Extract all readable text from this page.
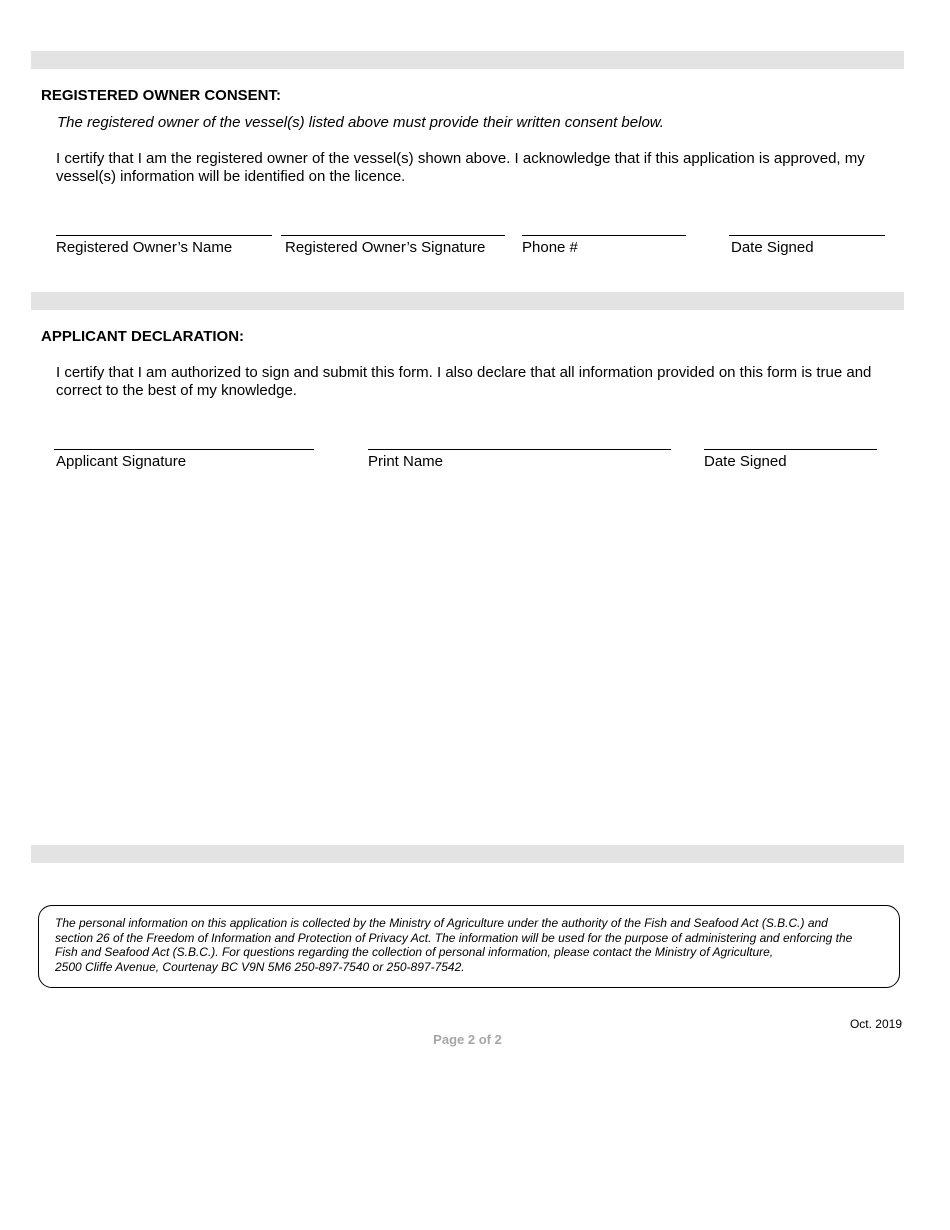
REGISTERED OWNER CONSENT:
The registered owner of the vessel(s) listed above must provide their written consent below.
I certify that I am the registered owner of the vessel(s) shown above. I acknowledge that if this application is approved, my vessel(s) information will be identified on the licence.
Registered Owner’s Name	Registered Owner’s Signature Phone #	Date Signed
APPLICANT DECLARATION:
I certify that I am authorized to sign and submit this form. I also declare that all information provided on this form is true and correct to the best of my knowledge.
Applicant Signature	Print Name	Date Signed
The personal information on this application is collected by the Ministry of Agriculture under the authority of the Fish and Seafood Act (S.B.C.) and
section 26 of the Freedom of Information and Protection of Privacy Act. The information will be used for the purpose of administering and enforcing the
Fish and Seafood Act (S.B.C.). For questions regarding the collection of personal information, please contact the Ministry of Agriculture,
2500 Cliffe Avenue, Courtenay BC V9N 5M6 250-897-7540 or 250-897-7542.
Oct. 2019
Page 2 of 2
